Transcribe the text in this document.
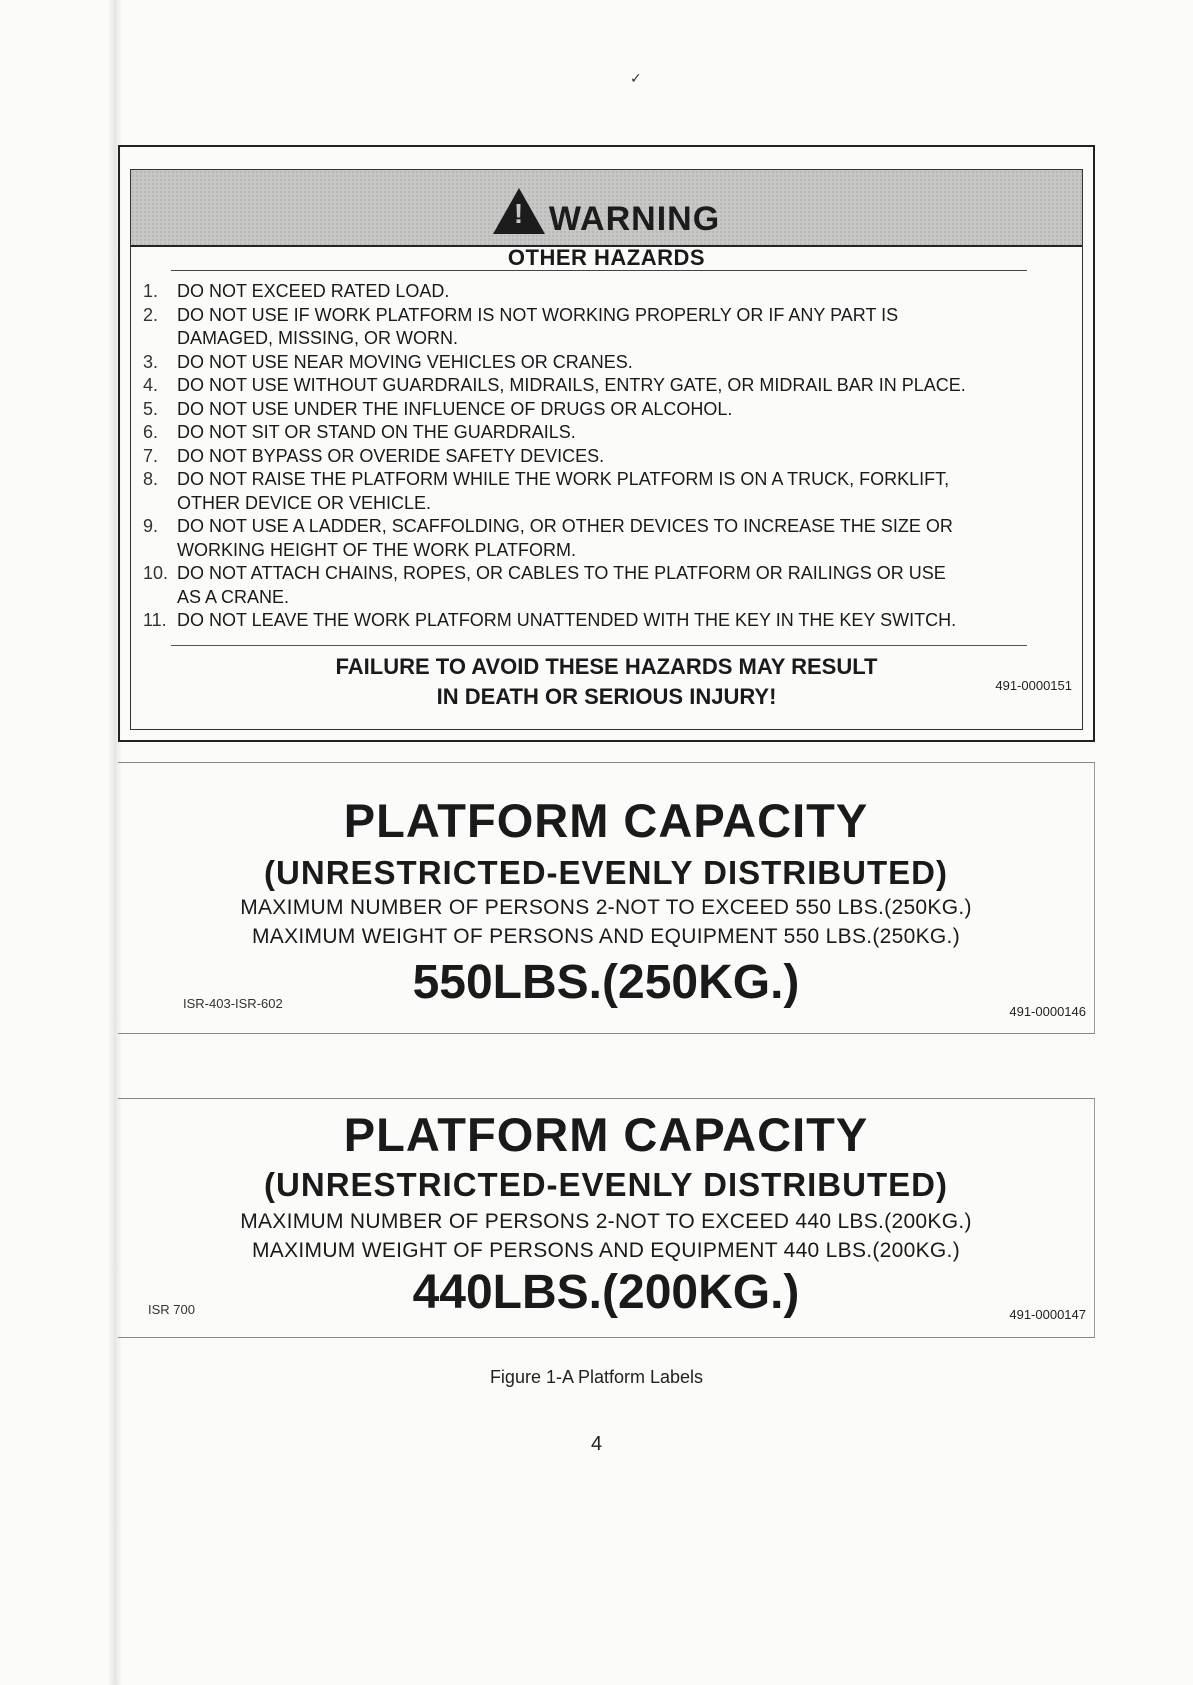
✓
! WARNING
OTHER HAZARDS
1.	DO NOT EXCEED RATED LOAD.
2.	DO NOT USE IF WORK PLATFORM IS NOT WORKING PROPERLY OR IF ANY PART IS
DAMAGED, MISSING, OR WORN.
3.	DO NOT USE NEAR MOVING VEHICLES OR CRANES.
4.	DO NOT USE WITHOUT GUARDRAILS, MIDRAILS, ENTRY GATE, OR MIDRAIL BAR IN PLACE.
5.	DO NOT USE UNDER THE INFLUENCE OF DRUGS OR ALCOHOL.
6.	DO NOT SIT OR STAND ON THE GUARDRAILS.
7.	DO NOT BYPASS OR OVERIDE SAFETY DEVICES.
8.	DO NOT RAISE THE PLATFORM WHILE THE WORK PLATFORM IS ON A TRUCK, FORKLIFT,
OTHER DEVICE OR VEHICLE.
9.	DO NOT USE A LADDER, SCAFFOLDING, OR OTHER DEVICES TO INCREASE THE SIZE OR
WORKING HEIGHT OF THE WORK PLATFORM.
10. DO NOT ATTACH CHAINS, ROPES, OR CABLES TO THE PLATFORM OR RAILINGS OR USE
AS A CRANE.
11. DO NOT LEAVE THE WORK PLATFORM UNATTENDED WITH THE KEY IN THE KEY SWITCH.
FAILURE TO AVOID THESE HAZARDS MAY RESULT
IN DEATH OR SERIOUS INJURY!	491-0000151
PLATFORM CAPACITY
(UNRESTRICTED-EVENLY DISTRIBUTED)
MAXIMUM NUMBER OF PERSONS 2-NOT TO EXCEED 550 LBS.(250KG.)
MAXIMUM WEIGHT OF PERSONS AND EQUIPMENT 550 LBS.(250KG.)
550LBS.(250KG.)
ISR-403-ISR-602
491-0000146
PLATFORM CAPACITY
(UNRESTRICTED-EVENLY DISTRIBUTED)
MAXIMUM NUMBER OF PERSONS 2-NOT TO EXCEED 440 LBS.(200KG.)
MAXIMUM WEIGHT OF PERSONS AND EQUIPMENT 440 LBS.(200KG.)
440LBS.(200KG.)
ISR 700	491-0000147
Figure 1-A Platform Labels
4
